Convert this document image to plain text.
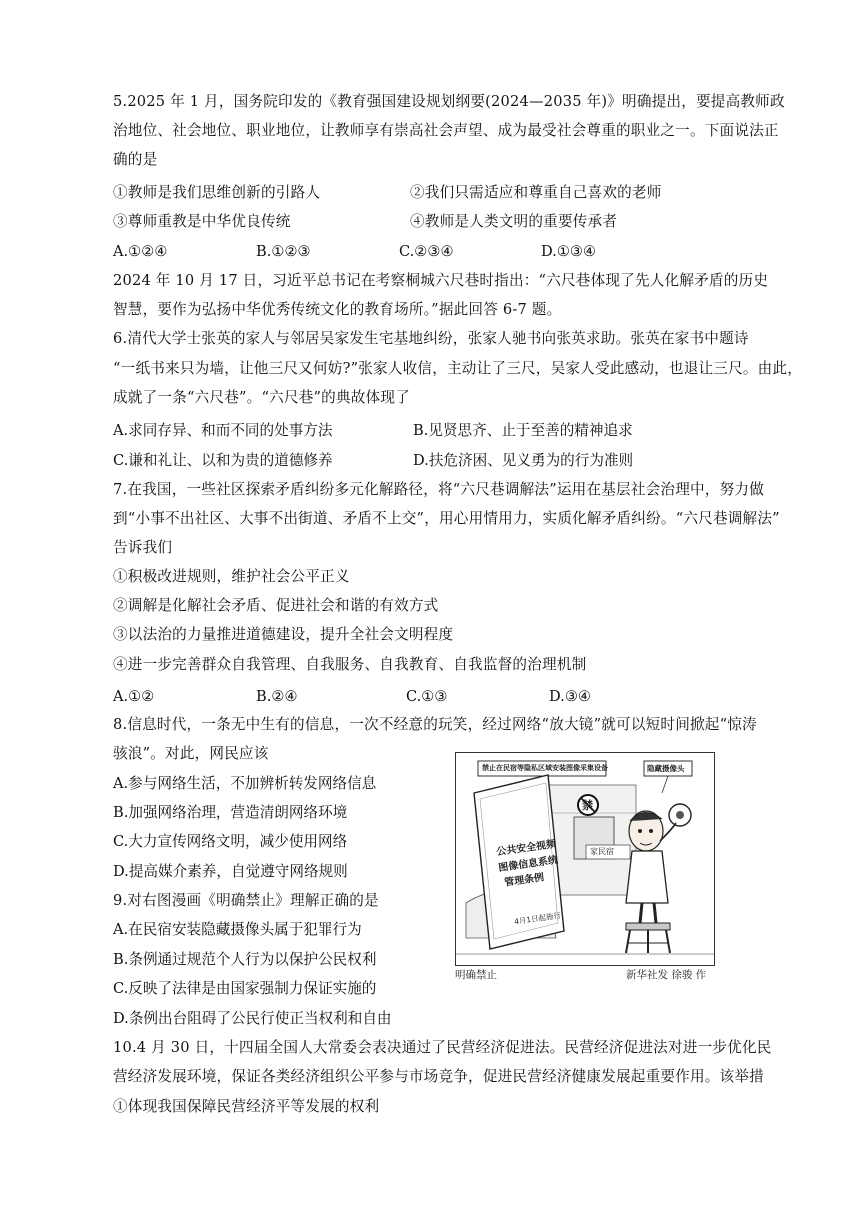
5.2025 年 1 月，国务院印发的《教育强国建设规划纲要(2024—2035 年)》明确提出，要提高教师政
治地位、社会地位、职业地位，让教师享有崇高社会声望、成为最受社会尊重的职业之一。下面说法正
确的是
①教师是我们思维创新的引路人	②我们只需适应和尊重自己喜欢的老师
③尊师重教是中华优良传统	④教师是人类文明的重要传承者
A.①②④	B.①②③	C.②③④	D.①③④
2024 年 10 月 17 日，习近平总书记在考察桐城六尺巷时指出：“六尺巷体现了先人化解矛盾的历史
智慧，要作为弘扬中华优秀传统文化的教育场所。”据此回答 6-7 题。
6.清代大学士张英的家人与邻居吴家发生宅基地纠纷，张家人驰书向张英求助。张英在家书中题诗
“一纸书来只为墙，让他三尺又何妨?”张家人收信，主动让了三尺，吴家人受此感动，也退让三尺。由此，
成就了一条“六尺巷”。“六尺巷”的典故体现了
A.求同存异、和而不同的处事方法	B.见贤思齐、止于至善的精神追求
C.谦和礼让、以和为贵的道德修养	D.扶危济困、见义勇为的行为准则
7.在我国，一些社区探索矛盾纠纷多元化解路径，将“六尺巷调解法”运用在基层社会治理中，努力做
到“小事不出社区、大事不出街道、矛盾不上交”，用心用情用力，实质化解矛盾纠纷。“六尺巷调解法”
告诉我们
①积极改进规则，维护社会公平正义
②调解是化解社会矛盾、促进社会和谐的有效方式
③以法治的力量推进道德建设，提升全社会文明程度
④进一步完善群众自我管理、自我服务、自我教育、自我监督的治理机制
A.①②	B.②④	C.①③	D.③④
8.信息时代，一条无中生有的信息，一次不经意的玩笑，经过网络“放大镜”就可以短时间掀起“惊涛
骇浪”。对此，网民应该
A.参与网络生活，不加辨析转发网络信息
B.加强网络治理，营造清朗网络环境
C.大力宣传网络文明，减少使用网络
D.提高媒介素养，自觉遵守网络规则
9.对右图漫画《明确禁止》理解正确的是
A.在民宿安装隐藏摄像头属于犯罪行为
B.条例通过规范个人行为以保护公民权利
C.反映了法律是由国家强制力保证实施的
D.条例出台阻碍了公民行使正当权利和自由
禁止在民宿等隐私区域安装图像采集设备	隐藏摄像头
禁
家民宿
公共安全视频
图像信息系统
管理条例
4月1日起施行
明确禁止	新华社发 徐骏 作
10.4 月 30 日，十四届全国人大常委会表决通过了民营经济促进法。民营经济促进法对进一步优化民
营经济发展环境，保证各类经济组织公平参与市场竞争，促进民营经济健康发展起重要作用。该举措
①体现我国保障民营经济平等发展的权利
